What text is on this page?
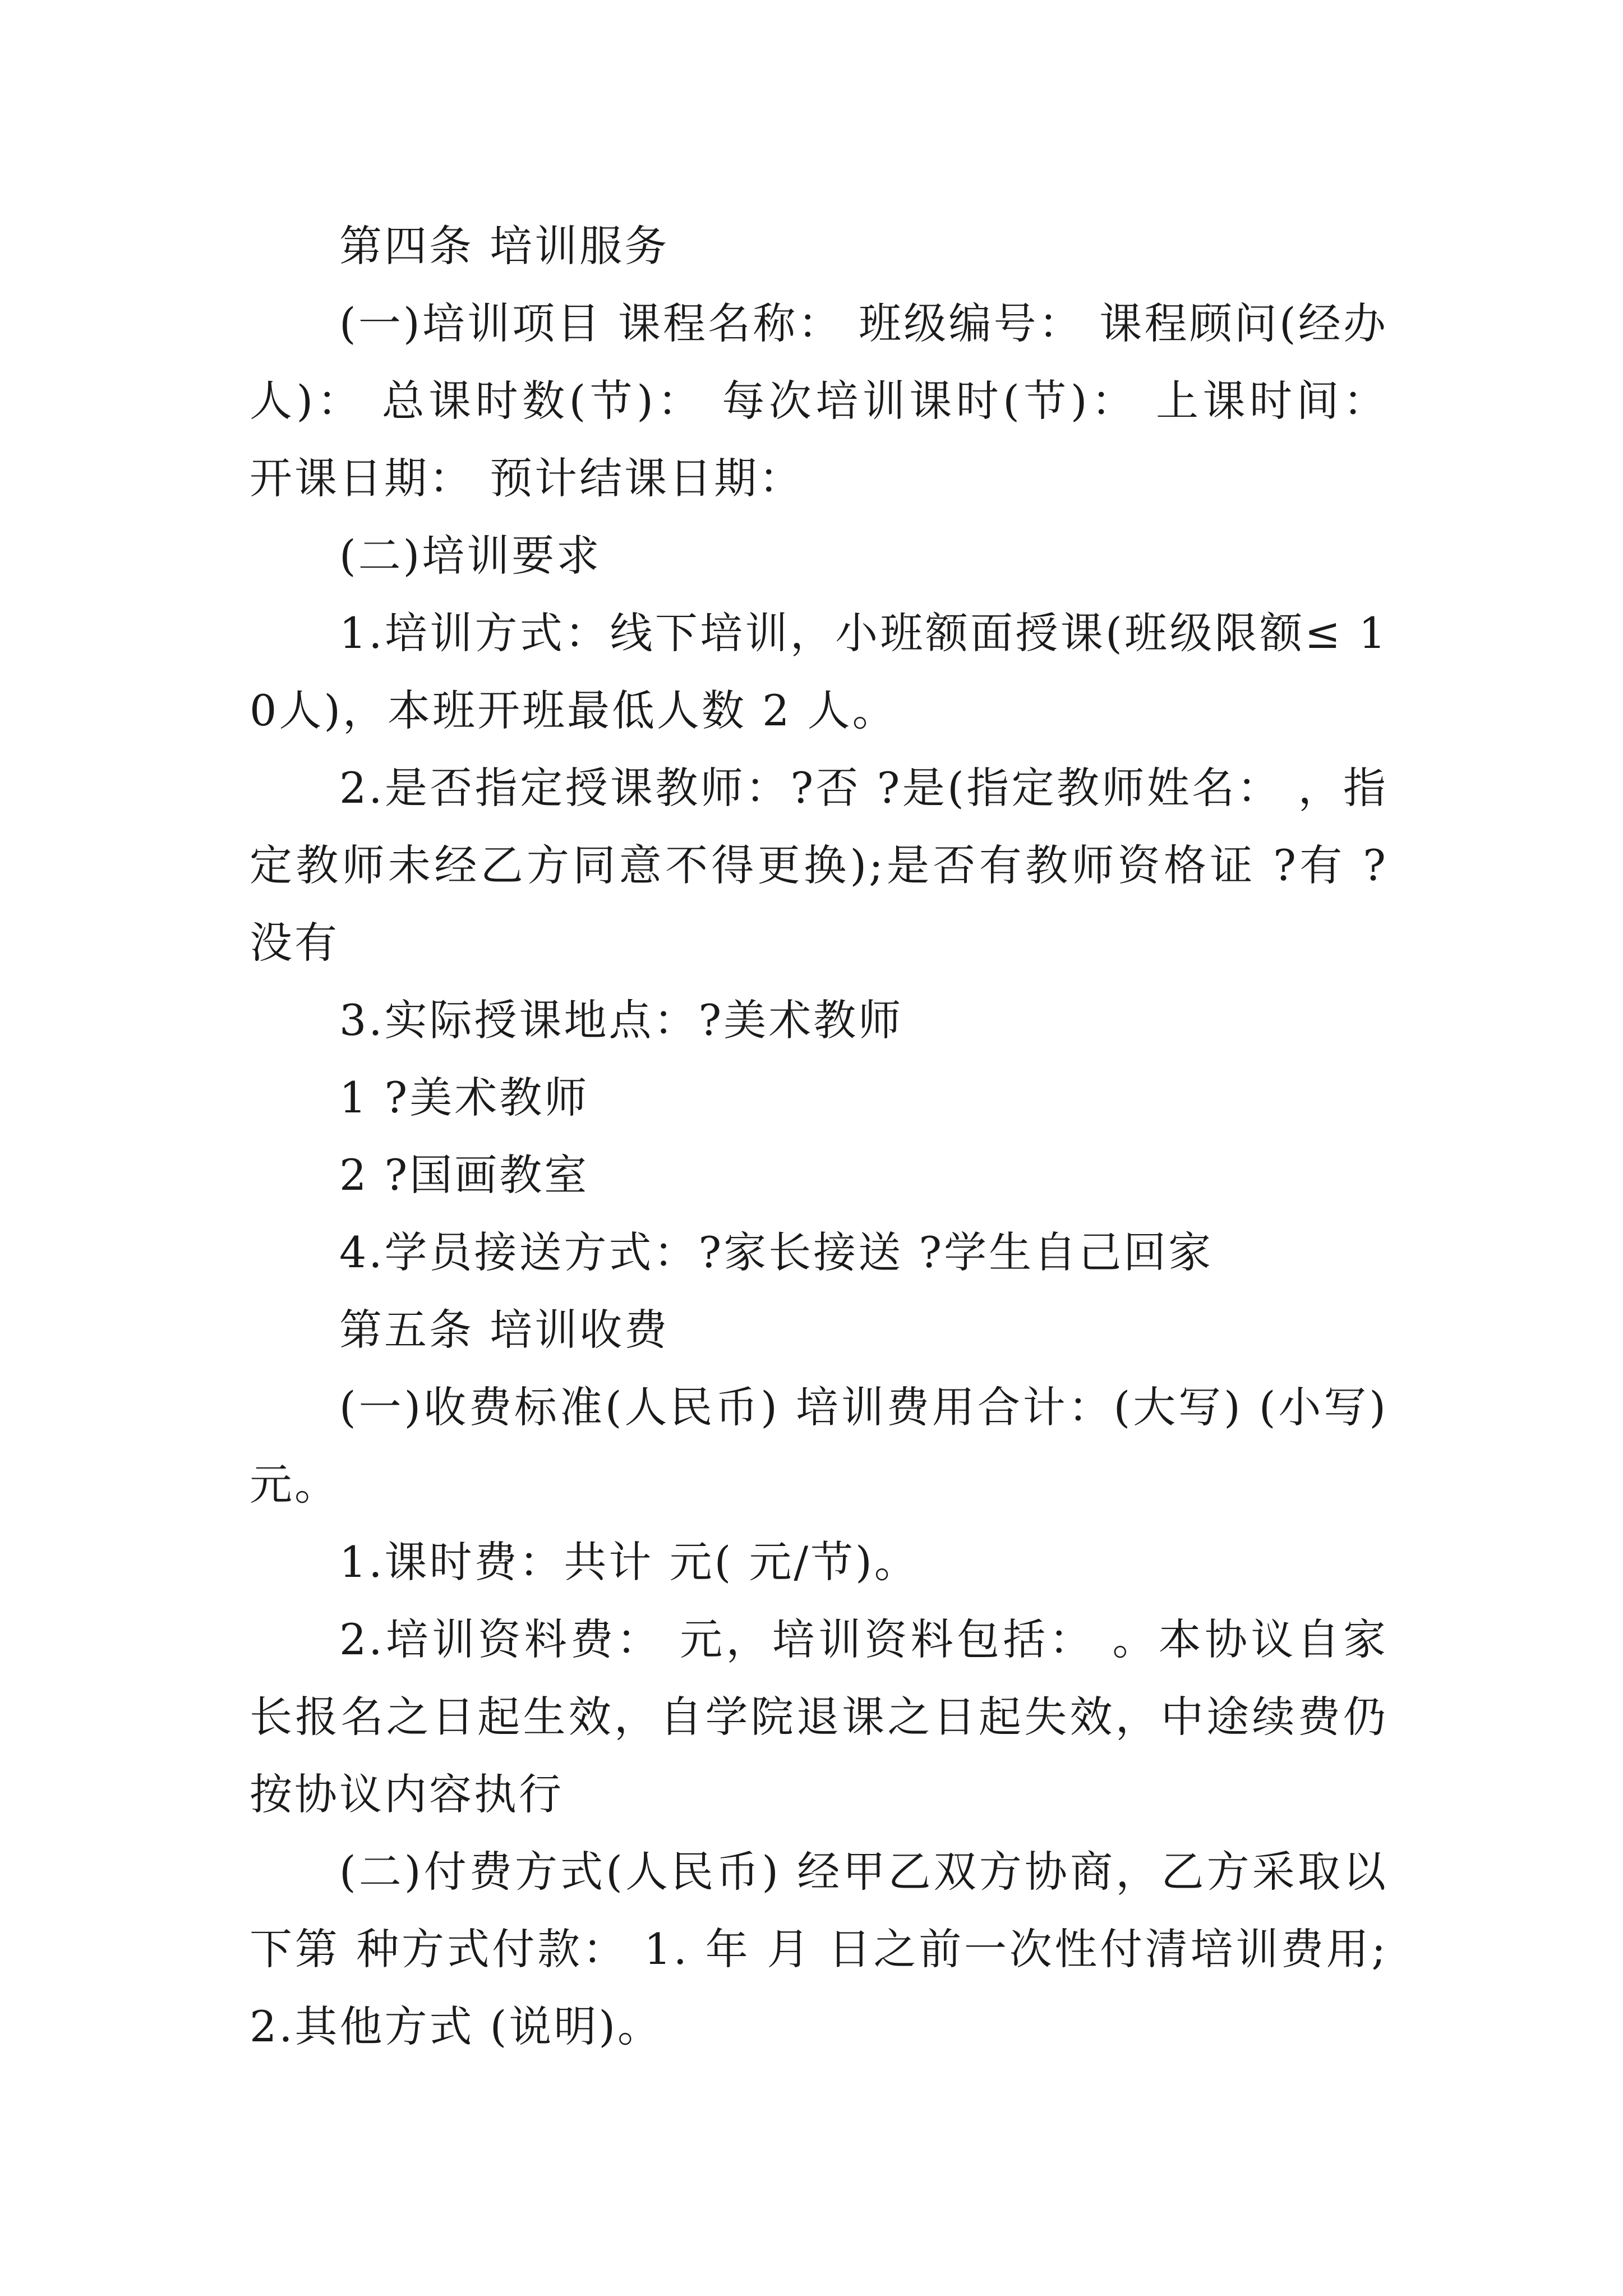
第四条 培训服务

(一)培训项目 课程名称： 班级编号： 课程顾问(经办人)： 总课时数(节)： 每次培训课时(节)： 上课时间： 开课日期： 预计结课日期：

(二)培训要求

1.培训方式：线下培训，小班额面授课(班级限额≤ 10人)，本班开班最低人数 2 人。

2.是否指定授课教师：?否 ?是(指定教师姓名： ，指定教师未经乙方同意不得更换);是否有教师资格证 ?有 ?没有

3.实际授课地点：?美术教师

1 ?美术教师

2 ?国画教室

4.学员接送方式：?家长接送 ?学生自己回家

第五条 培训收费

(一)收费标准(人民币) 培训费用合计：(大写) (小写) 元。

1.课时费：共计 元( 元/节)。

2.培训资料费： 元，培训资料包括： 。本协议自家长报名之日起生效，自学院退课之日起失效，中途续费仍按协议内容执行

(二)付费方式(人民币) 经甲乙双方协商，乙方采取以下第 种方式付款： 1. 年 月 日之前一次性付清培训费用;2.其他方式 (说明)。
